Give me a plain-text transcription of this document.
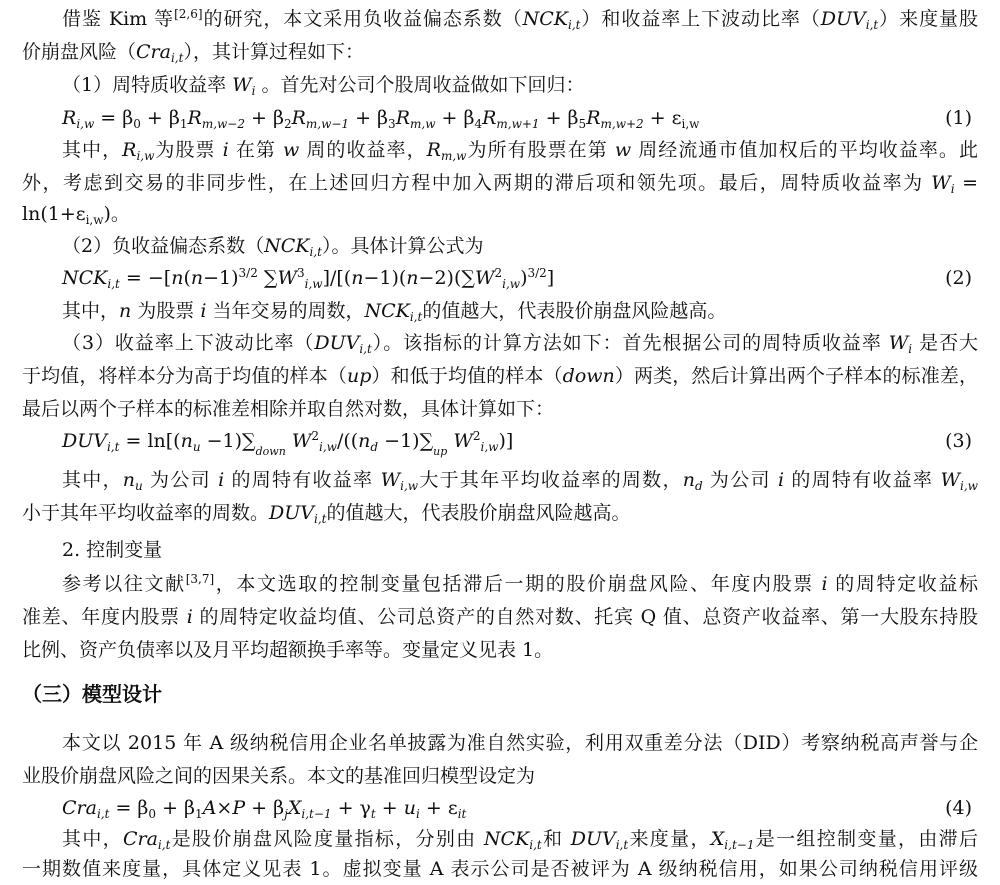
借鉴 Kim 等[2,6]的研究，本文采用负收益偏态系数$(NCK_{i,t})$和收益率上下波动比率$(DUV_{i,t})$来度量股
价崩盘风险（Cra$_{i,t}$），其计算过程如下：
（1）周特质收益率 $W_i$ 。首先对公司个股周收益做如下回归：
$R_{i,w} = \beta_0 + \beta_1R_{m,w-2} + \beta_2R_{m,w-1} + \beta_3R_{m,w} + \beta_4R_{m,w+1} + \beta_5R_{m,w+2} + \varepsilon_{i,w}$	(1)
其中，$R_{i,w}$为股票 i 在第 w 周的收益率，$R_{m,w}$为所有股票在第 w 周经流通市值加权后的平均收益率。此
外，考虑到交易的非同步性，在上述回归方程中加入两期的滞后项和领先项。最后，周特质收益率为 $W_i$ =
$\ln(1+\varepsilon_{i,w})$。
（2）负收益偏态系数$(NCK_{i,t})$。具体计算公式为
$NCK_{i,t} = -[n(n-1)^{3/2}$ $\sum W^3_{i,w}]/[(n-1)(n-2)(\sum W^2_{i,w})^{3/2}]$	(2)
其中，n 为股票 i 当年交易的周数，$NCK_{i,t}$的值越大，代表股价崩盘风险越高。
（3）收益率上下波动比率$(DUV_{i,t})$。该指标的计算方法如下：首先根据公司的周特质收益率 $W_i$ 是否大
于均值，将样本分为高于均值的样本（up）和低于均值的样本（down）两类，然后计算出两个子样本的标准差，
最后以两个子样本的标准差相除并取自然对数，具体计算如下：
$DUV_{i,t} = \ln[(n_u -1)\sum_{down}$ $W^2_{i,w}/((n_d -1)\sum_{up}$ $W^2_{i,w}$)]	(3)
其中，$n_u$ 为公司 i 的周特有收益率 $W_{i,w}$大于其年平均收益率的周数，$n_d$ 为公司 i 的周特有收益率 $W_{i,w}$
小于其年平均收益率的周数。$DUV_{i,t}$的值越大，代表股价崩盘风险越高。
2. 控制变量
参考以往文献[3,7]，本文选取的控制变量包括滞后一期的股价崩盘风险、年度内股票 i 的周特定收益标
准差、年度内股票 i 的周特定收益均值、公司总资产的自然对数、托宾 Q 值、总资产收益率、第一大股东持股
比例、资产负债率以及月平均超额换手率等。变量定义见表 1。
（三）模型设计
本文以 2015 年 A 级纳税信用企业名单披露为准自然实验，利用双重差分法（DID）考察纳税高声誉与企
业股价崩盘风险之间的因果关系。本文的基准回归模型设定为
$Cra_{i,t} = \beta_0 + \beta_1A\times P + \beta_jX_{i,t-1} + \gamma_t + u_i + \varepsilon_{it}$	(4)
其中，Cra$_{i,t}$是股价崩盘风险度量指标，分别由 $NCK_{i,t}$和 $DUV_{i,t}$来度量，$X_{i,t-1}$是一组控制变量，由滞后
一期数值来度量，具体定义见表 1。虚拟变量 A 表示公司是否被评为 A 级纳税信用，如果公司纳税信用评级
